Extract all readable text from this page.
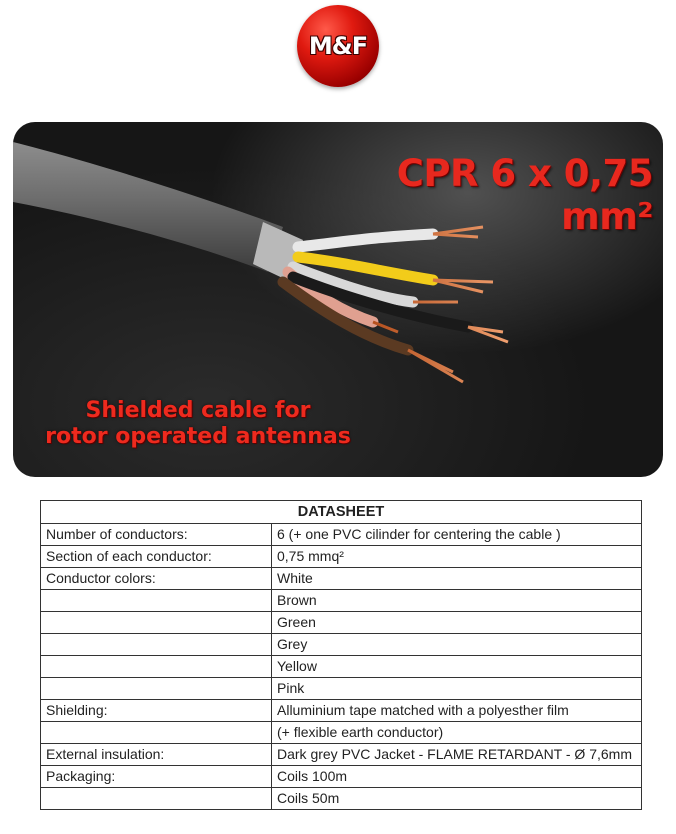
M&F
CPR 6 x 0,75 mm²
Shielded cable for
rotor operated antennas
DATASHEET	
Number of conductors:	6 (+ one PVC cilinder for centering the cable )
Section of each conductor:	0,75 mmq²
Conductor colors:	White
	Brown
	Green
	Grey
	Yellow
	Pink
Shielding:	Alluminium tape matched with a polyesther film
	(+ flexible earth conductor)
External insulation:	Dark grey PVC Jacket - FLAME RETARDANT - Ø 7,6mm
Packaging:	Coils 100m
	Coils 50m
